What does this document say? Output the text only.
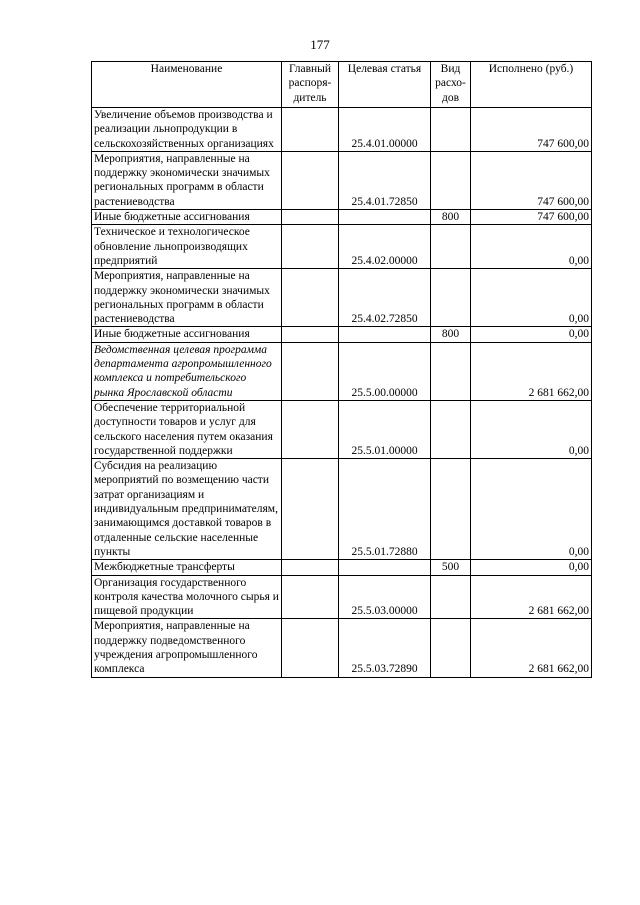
177
Наименование	Главный распоря-дитель	Целевая статья	Вид расхо-дов	Исполнено (руб.)
Увеличение объемов производства и реализации льнопродукции в сельскохозяйственных организациях		25.4.01.00000		747 600,00
Мероприятия, направленные на поддержку экономически значимых региональных программ в области растениеводства		25.4.01.72850		747 600,00
Иные бюджетные ассигнования			800	747 600,00
Техническое и технологическое обновление льнопроизводящих предприятий		25.4.02.00000		0,00
Мероприятия, направленные на поддержку экономически значимых региональных программ в области растениеводства		25.4.02.72850		0,00
Иные бюджетные ассигнования			800	0,00
Ведомственная целевая программа департамента агропромышленного комплекса и потребительского рынка Ярославской области		25.5.00.00000		2 681 662,00
Обеспечение территориальной доступности товаров и услуг для сельского населения путем оказания государственной поддержки		25.5.01.00000		0,00
Субсидия на реализацию мероприятий по возмещению части затрат организациям и индивидуальным предпринимателям, занимающимся доставкой товаров в отдаленные сельские населенные пункты		25.5.01.72880		0,00
Межбюджетные трансферты			500	0,00
Организация государственного контроля качества молочного сырья и пищевой продукции		25.5.03.00000		2 681 662,00
Мероприятия, направленные на поддержку подведомственного учреждения агропромышленного комплекса		25.5.03.72890		2 681 662,00
